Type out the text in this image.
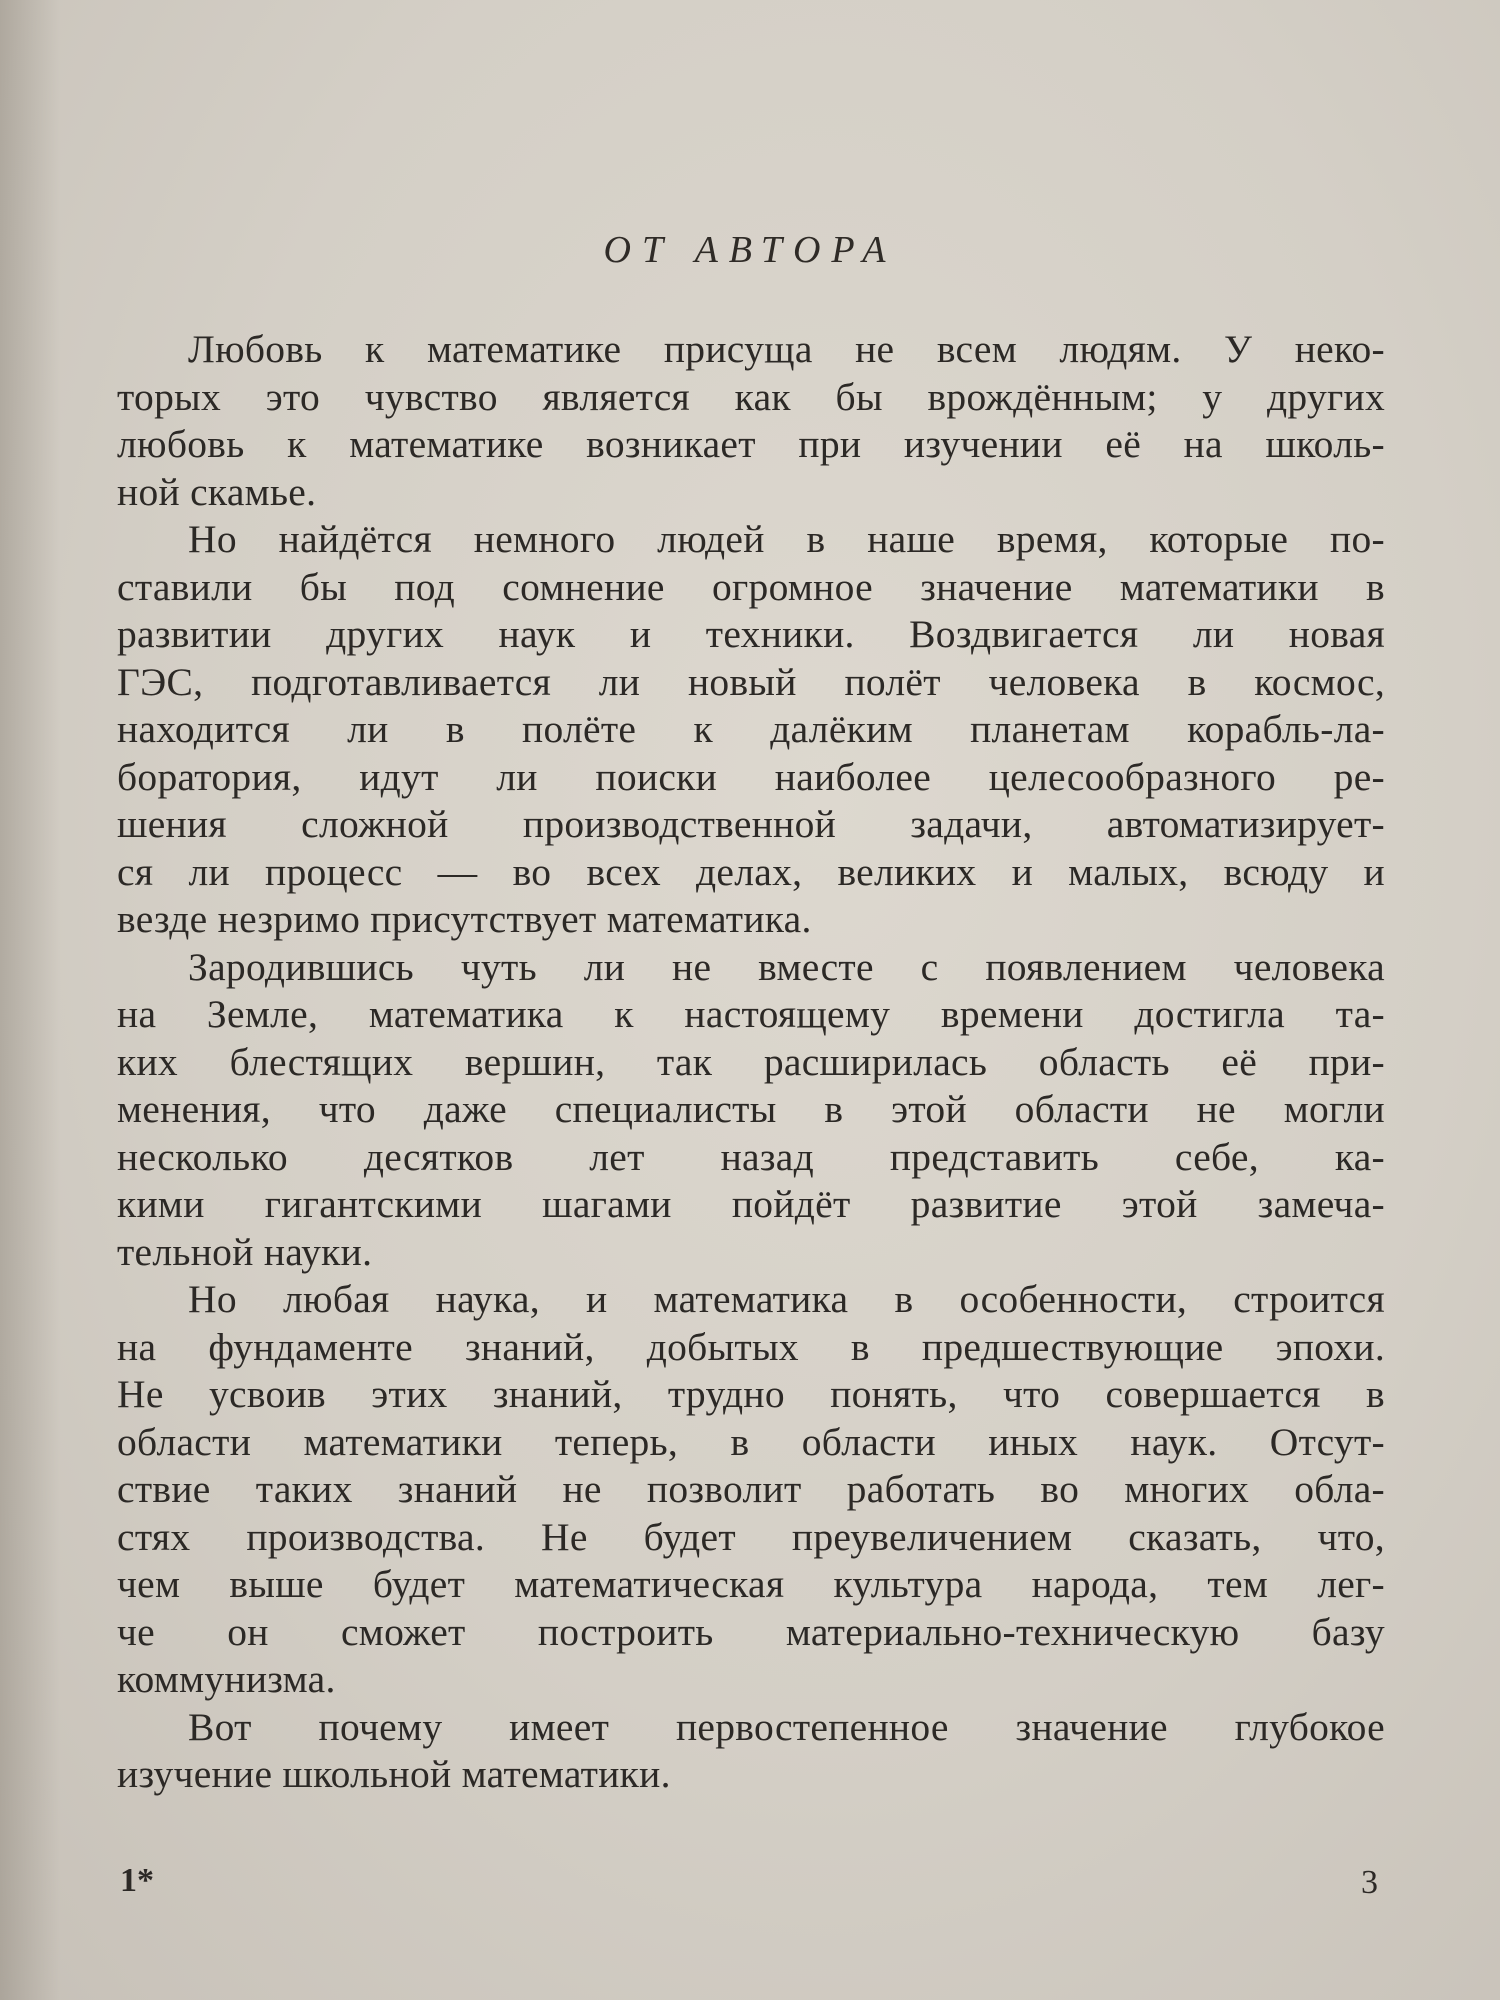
ОТ АВТОРА
Любовь к математике присуща не всем людям. У неко-
торых это чувство является как бы врождённым; у других
любовь к математике возникает при изучении её на школь-
ной скамье.
Но найдётся немного людей в наше время, которые по-
ставили бы под сомнение огромное значение математики в
развитии других наук и техники. Воздвигается ли новая
ГЭС, подготавливается ли новый полёт человека в космос,
находится ли в полёте к далёким планетам корабль-ла-
боратория, идут ли поиски наиболее целесообразного ре-
шения сложной производственной задачи, автоматизирует-
ся ли процесс — во всех делах, великих и малых, всюду и
везде незримо присутствует математика.
Зародившись чуть ли не вместе с появлением человека
на Земле, математика к настоящему времени достигла та-
ких блестящих вершин, так расширилась область её при-
менения, что даже специалисты в этой области не могли
несколько десятков лет назад представить себе, ка-
кими гигантскими шагами пойдёт развитие этой замеча-
тельной науки.
Но любая наука, и математика в особенности, строится
на фундаменте знаний, добытых в предшествующие эпохи.
Не усвоив этих знаний, трудно понять, что совершается в
области математики теперь, в области иных наук. Отсут-
ствие таких знаний не позволит работать во многих обла-
стях производства. Не будет преувеличением сказать, что,
чем выше будет математическая культура народа, тем лег-
че он сможет построить материально-техническую базу
коммунизма.
Вот почему имеет первостепенное значение глубокое
изучение школьной математики.
1*	3
